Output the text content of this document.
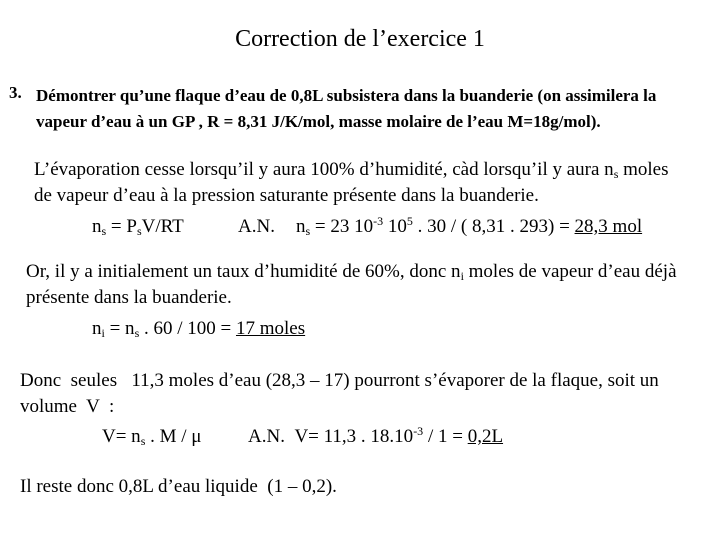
Correction de l’exercice 1
3. Démontrer qu’une flaque d’eau de 0,8L subsistera dans la buanderie (on assimilera la vapeur d’eau à un GP , R = 8,31 J/K/mol, masse molaire de l’eau M=18g/mol).
L’évaporation cesse lorsqu’il y aura 100% d’humidité, càd lorsqu’il y aura $n_s$ moles de vapeur d’eau à la pression saturante présente dans la buanderie.
$n_s = P_sV/RT$	A.N. $n_s = 23$ $10^{-3}$ $10^5$ . 30 / ( 8,31 . 293) = 28,3 mol
Or, il y a initialement un taux d’humidité de 60%, donc $n_i$ moles de vapeur d’eau déjà présente dans la buanderie.
$n_i = n_s$ . 60 / 100 = 17 moles
Donc  seules   11,3 moles d’eau (28,3 – 17) pourront s’évaporer de la flaque, soit un volume  V  :
$V= n_s$ . M / μ A.N. V= 11,3 . $18.10^{-3} / 1 = 0,2L$
Il reste donc 0,8L d’eau liquide  (1 – 0,2).
